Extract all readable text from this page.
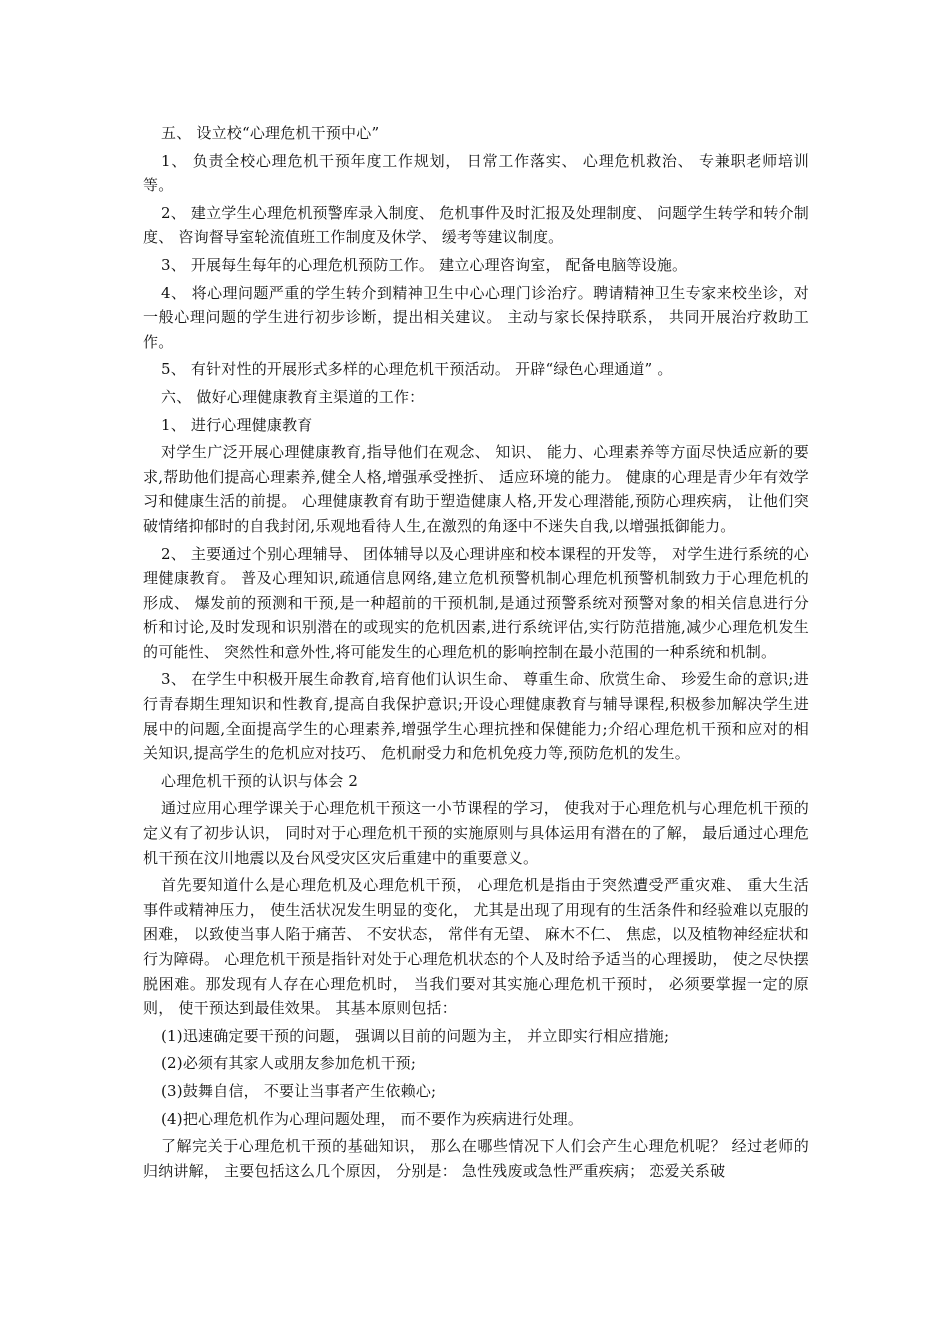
五、 设立校“心理危机干预中心”

1、 负责全校心理危机干预年度工作规划， 日常工作落实、 心理危机救治、 专兼职老师培训等。

2、 建立学生心理危机预警库录入制度、 危机事件及时汇报及处理制度、 问题学生转学和转介制度、 咨询督导室轮流值班工作制度及休学、 缓考等建议制度。

3、 开展每生每年的心理危机预防工作。 建立心理咨询室， 配备电脑等设施。

4、 将心理问题严重的学生转介到精神卫生中心心理门诊治疗。聘请精神卫生专家来校坐诊，对一般心理问题的学生进行初步诊断，提出相关建议。 主动与家长保持联系， 共同开展治疗救助工作。

5、 有针对性的开展形式多样的心理危机干预活动。 开辟“绿色心理通道” 。

六、 做好心理健康教育主渠道的工作：

1、 进行心理健康教育

对学生广泛开展心理健康教育,指导他们在观念、 知识、 能力、心理素养等方面尽快适应新的要求,帮助他们提高心理素养,健全人格,增强承受挫折、 适应环境的能力。 健康的心理是青少年有效学习和健康生活的前提。 心理健康教育有助于塑造健康人格,开发心理潜能,预防心理疾病， 让他们突破情绪抑郁时的自我封闭,乐观地看待人生,在激烈的角逐中不迷失自我,以增强抵御能力。

2、 主要通过个别心理辅导、 团体辅导以及心理讲座和校本课程的开发等， 对学生进行系统的心理健康教育。 普及心理知识,疏通信息网络,建立危机预警机制心理危机预警机制致力于心理危机的形成、 爆发前的预测和干预,是一种超前的干预机制,是通过预警系统对预警对象的相关信息进行分析和讨论,及时发现和识别潜在的或现实的危机因素,进行系统评估,实行防范措施,减少心理危机发生的可能性、 突然性和意外性,将可能发生的心理危机的影响控制在最小范围的一种系统和机制。

3、 在学生中积极开展生命教育,培育他们认识生命、 尊重生命、欣赏生命、 珍爱生命的意识;进行青春期生理知识和性教育,提高自我保护意识;开设心理健康教育与辅导课程,积极参加解决学生进展中的问题,全面提高学生的心理素养,增强学生心理抗挫和保健能力;介绍心理危机干预和应对的相关知识,提高学生的危机应对技巧、 危机耐受力和危机免疫力等,预防危机的发生。

心理危机干预的认识与体会 2

通过应用心理学课关于心理危机干预这一小节课程的学习， 使我对于心理危机与心理危机干预的定义有了初步认识， 同时对于心理危机干预的实施原则与具体运用有潜在的了解， 最后通过心理危机干预在汶川地震以及台风受灾区灾后重建中的重要意义。

首先要知道什么是心理危机及心理危机干预， 心理危机是指由于突然遭受严重灾难、 重大生活事件或精神压力， 使生活状况发生明显的变化， 尤其是出现了用现有的生活条件和经验难以克服的困难， 以致使当事人陷于痛苦、 不安状态， 常伴有无望、 麻木不仁、 焦虑，以及植物神经症状和行为障碍。 心理危机干预是指针对处于心理危机状态的个人及时给予适当的心理援助， 使之尽快摆脱困难。那发现有人存在心理危机时， 当我们要对其实施心理危机干预时， 必须要掌握一定的原则， 使干预达到最佳效果。 其基本原则包括：

(1)迅速确定要干预的问题， 强调以目前的问题为主， 并立即实行相应措施;

(2)必须有其家人或朋友参加危机干预;

(3)鼓舞自信， 不要让当事者产生依赖心;

(4)把心理危机作为心理问题处理， 而不要作为疾病进行处理。

了解完关于心理危机干预的基础知识， 那么在哪些情况下人们会产生心理危机呢？ 经过老师的归纳讲解， 主要包括这么几个原因， 分别是： 急性残废或急性严重疾病； 恋爱关系破
